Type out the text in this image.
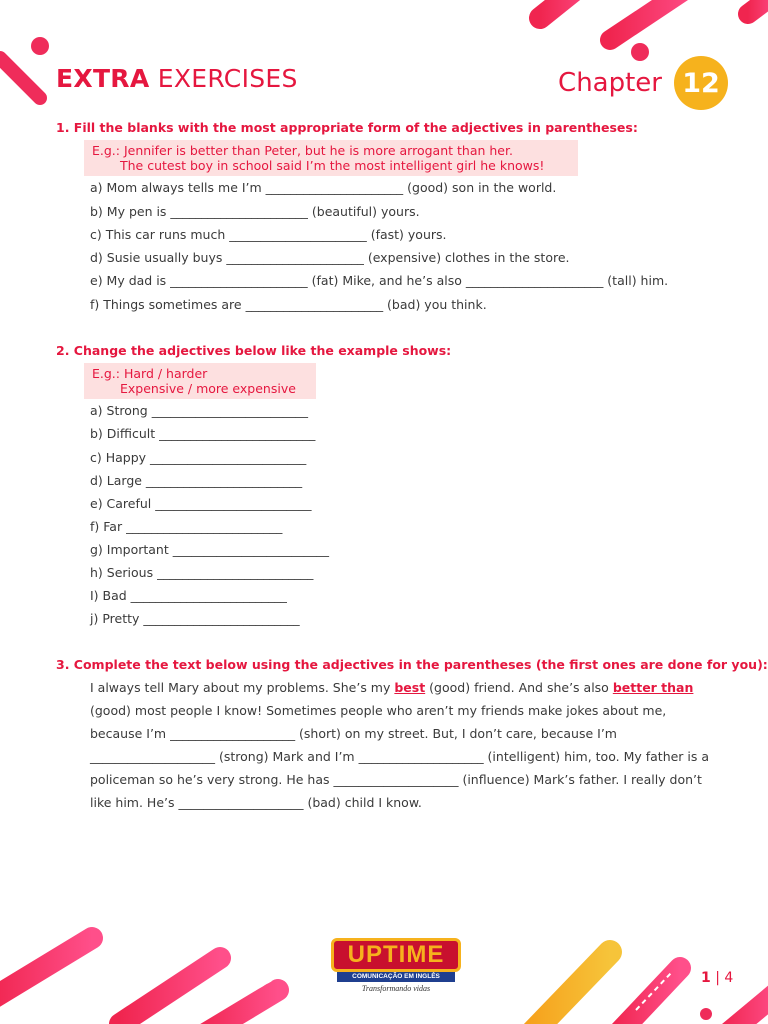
EXTRA EXERCISES	Chapter 12
1. Fill the blanks with the most appropriate form of the adjectives in parentheses:
E.g.: Jennifer is better than Peter, but he is more arrogant than her.
The cutest boy in school said I’m the most intelligent girl he knows!
a) Mom always tells me I’m ______________________ (good) son in the world.
b) My pen is ______________________ (beautiful) yours.
c) This car runs much ______________________ (fast) yours.
d) Susie usually buys ______________________ (expensive) clothes in the store.
e) My dad is ______________________ (fat) Mike, and he’s also ______________________ (tall) him.
f) Things sometimes are ______________________ (bad) you think.
2. Change the adjectives below like the example shows:
E.g.: Hard / harder
Expensive / more expensive
a) Strong _________________________
b) Difficult _________________________
c) Happy _________________________
d) Large _________________________
e) Careful _________________________
f) Far _________________________
g) Important _________________________
h) Serious _________________________
I) Bad _________________________
j) Pretty _________________________
3. Complete the text below using the adjectives in the parentheses (the first ones are done for you):
I always tell Mary about my problems. She’s my best (good) friend. And she’s also better than (good) most people I know! Sometimes people who aren’t my friends make jokes about me, because I’m ____________________ (short) on my street. But, I don’t care, because I’m ____________________ (strong) Mark and I’m ____________________ (intelligent) him, too. My father is a policeman so he’s very strong. He has ____________________ (influence) Mark’s father. I really don’t like him. He’s ____________________ (bad) child I know.
UPTIME
COMUNICAÇÃO EM INGLÊS
Transformando vidas
1 | 4
